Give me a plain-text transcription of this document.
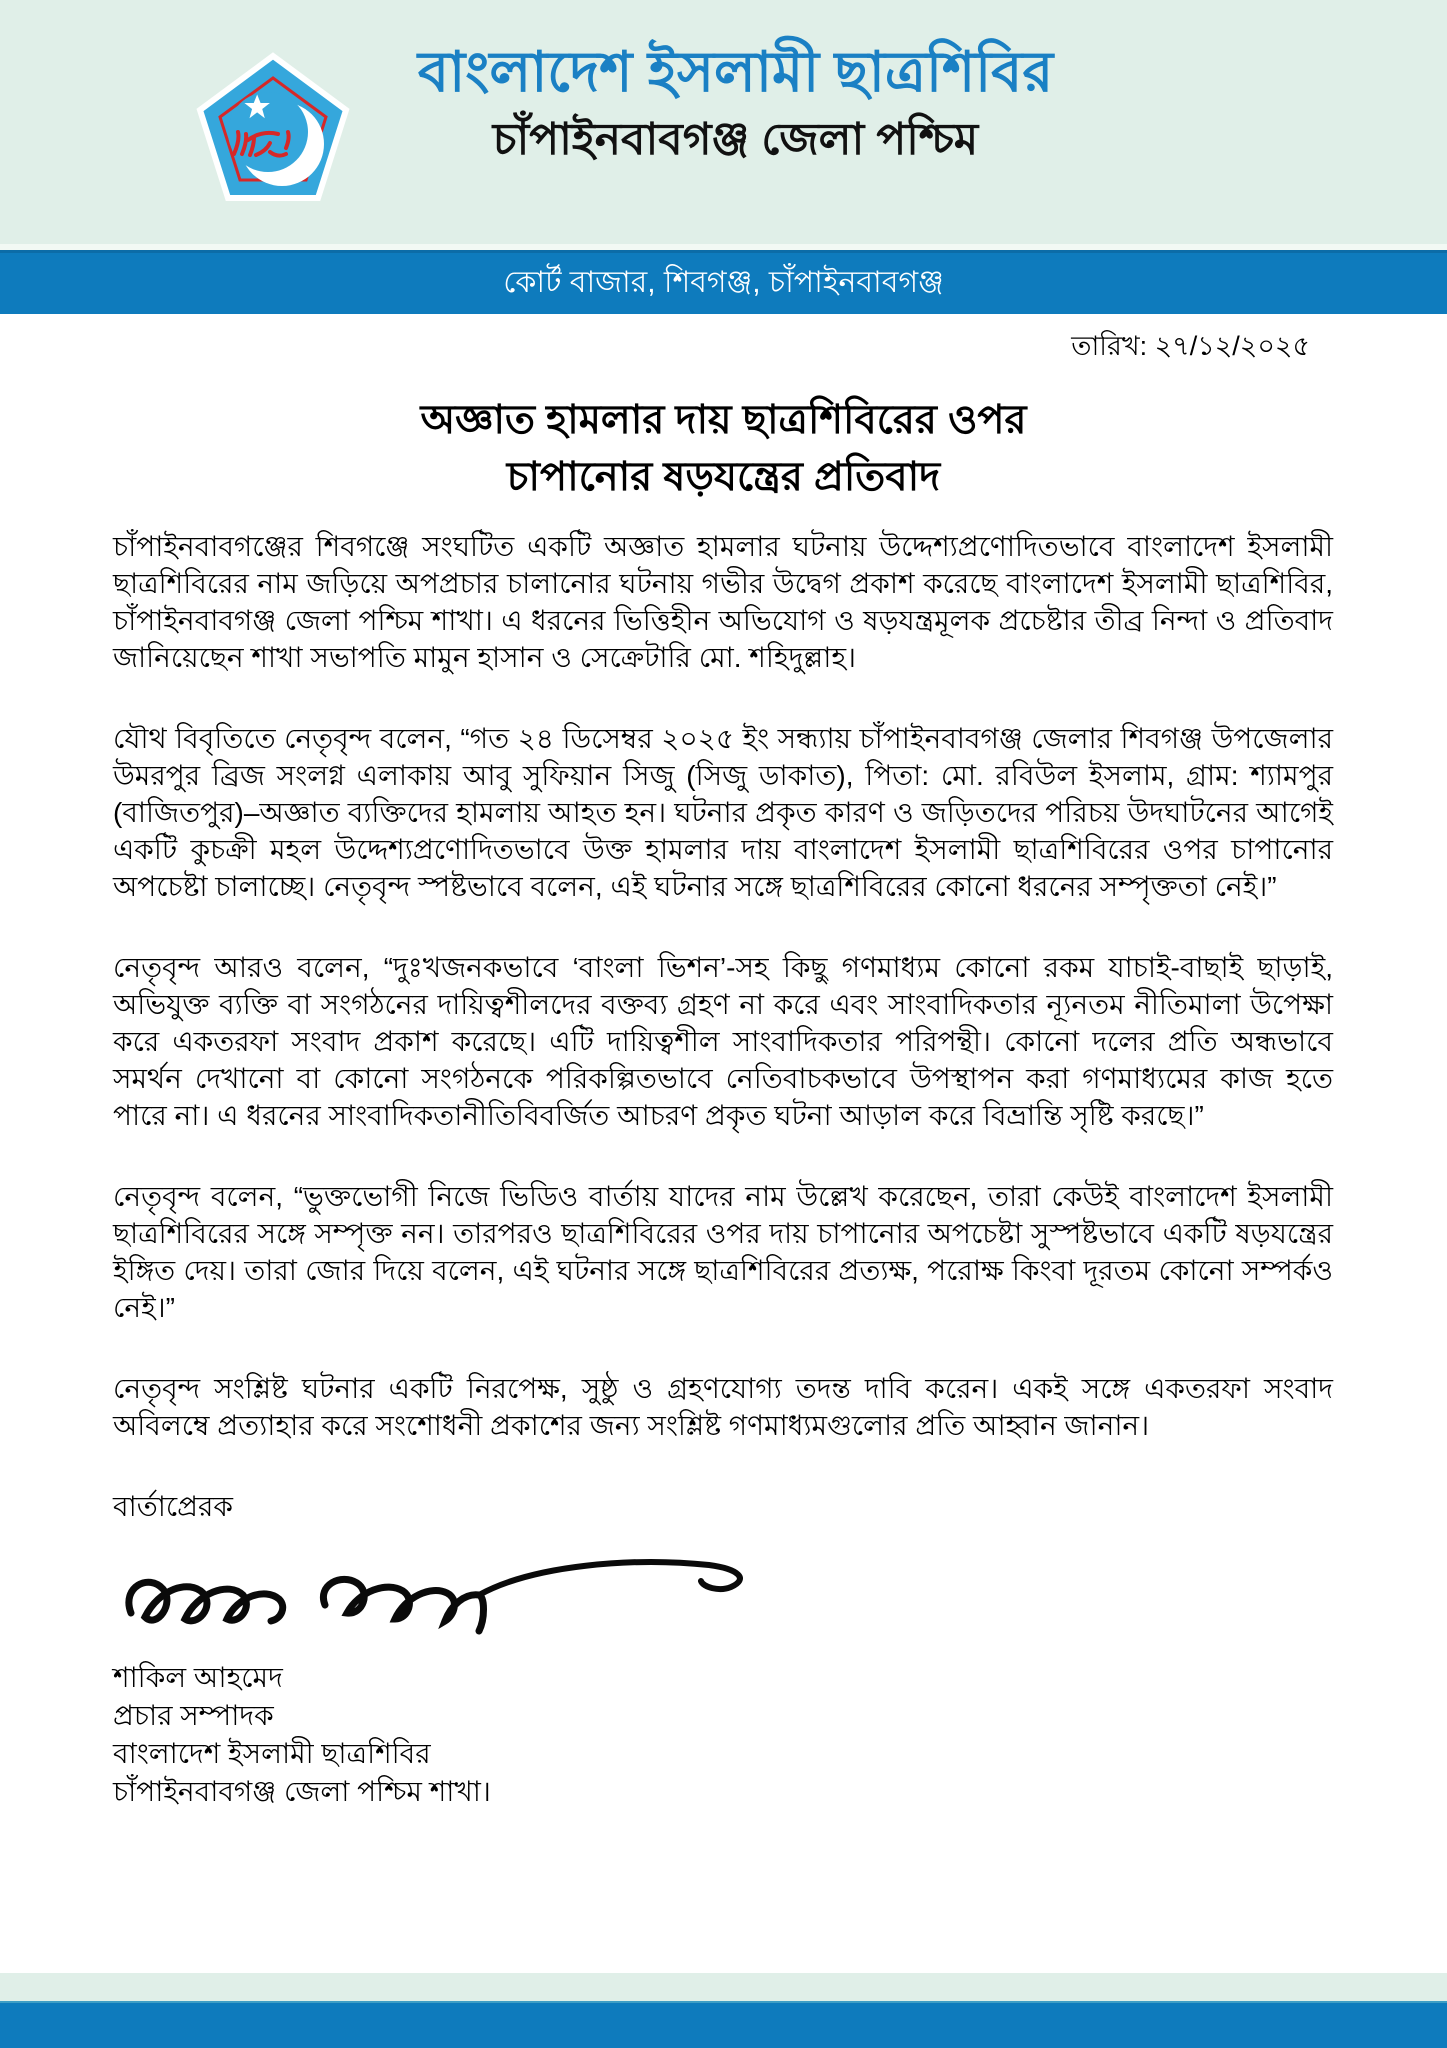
বাংলাদেশ ইসলামী ছাত্রশিবির
চাঁপাইনবাবগঞ্জ জেলা পশ্চিম
কোর্ট বাজার, শিবগঞ্জ, চাঁপাইনবাবগঞ্জ
তারিখ: ২৭/১২/২০২৫
অজ্ঞাত হামলার দায় ছাত্রশিবিরের ওপর
চাপানোর ষড়যন্ত্রের প্রতিবাদ

চাঁপাইনবাবগঞ্জের শিবগঞ্জে সংঘটিত একটি অজ্ঞাত হামলার ঘটনায় উদ্দেশ্যপ্রণোদিতভাবে বাংলাদেশ ইসলামী ছাত্রশিবিরের নাম জড়িয়ে অপপ্রচার চালানোর ঘটনায় গভীর উদ্বেগ প্রকাশ করেছে বাংলাদেশ ইসলামী ছাত্রশিবির, চাঁপাইনবাবগঞ্জ জেলা পশ্চিম শাখা। এ ধরনের ভিত্তিহীন অভিযোগ ও ষড়যন্ত্রমূলক প্রচেষ্টার তীব্র নিন্দা ও প্রতিবাদ জানিয়েছেন শাখা সভাপতি মামুন হাসান ও সেক্রেটারি মো. শহিদুল্লাহ।

যৌথ বিবৃতিতে নেতৃবৃন্দ বলেন, “গত ২৪ ডিসেম্বর ২০২৫ ইং সন্ধ্যায় চাঁপাইনবাবগঞ্জ জেলার শিবগঞ্জ উপজেলার উমরপুর ব্রিজ সংলগ্ন এলাকায় আবু সুফিয়ান সিজু (সিজু ডাকাত), পিতা: মো. রবিউল ইসলাম, গ্রাম: শ্যামপুর (বাজিতপুর)–অজ্ঞাত ব্যক্তিদের হামলায় আহত হন। ঘটনার প্রকৃত কারণ ও জড়িতদের পরিচয় উদঘাটনের আগেই একটি কুচক্রী মহল উদ্দেশ্যপ্রণোদিতভাবে উক্ত হামলার দায় বাংলাদেশ ইসলামী ছাত্রশিবিরের ওপর চাপানোর অপচেষ্টা চালাচ্ছে। নেতৃবৃন্দ স্পষ্টভাবে বলেন, এই ঘটনার সঙ্গে ছাত্রশিবিরের কোনো ধরনের সম্পৃক্ততা নেই।”

নেতৃবৃন্দ আরও বলেন, “দুঃখজনকভাবে ‘বাংলা ভিশন’-সহ কিছু গণমাধ্যম কোনো রকম যাচাই-বাছাই ছাড়াই, অভিযুক্ত ব্যক্তি বা সংগঠনের দায়িত্বশীলদের বক্তব্য গ্রহণ না করে এবং সাংবাদিকতার ন্যূনতম নীতিমালা উপেক্ষা করে একতরফা সংবাদ প্রকাশ করেছে। এটি দায়িত্বশীল সাংবাদিকতার পরিপন্থী। কোনো দলের প্রতি অন্ধভাবে সমর্থন দেখানো বা কোনো সংগঠনকে পরিকল্পিতভাবে নেতিবাচকভাবে উপস্থাপন করা গণমাধ্যমের কাজ হতে পারে না। এ ধরনের সাংবাদিকতানীতিবিবর্জিত আচরণ প্রকৃত ঘটনা আড়াল করে বিভ্রান্তি সৃষ্টি করছে।”

নেতৃবৃন্দ বলেন, “ভুক্তভোগী নিজে ভিডিও বার্তায় যাদের নাম উল্লেখ করেছেন, তারা কেউই বাংলাদেশ ইসলামী ছাত্রশিবিরের সঙ্গে সম্পৃক্ত নন। তারপরও ছাত্রশিবিরের ওপর দায় চাপানোর অপচেষ্টা সুস্পষ্টভাবে একটি ষড়যন্ত্রের ইঙ্গিত দেয়। তারা জোর দিয়ে বলেন, এই ঘটনার সঙ্গে ছাত্রশিবিরের প্রত্যক্ষ, পরোক্ষ কিংবা দূরতম কোনো সম্পর্কও নেই।”

নেতৃবৃন্দ সংশ্লিষ্ট ঘটনার একটি নিরপেক্ষ, সুষ্ঠু ও গ্রহণযোগ্য তদন্ত দাবি করেন। একই সঙ্গে একতরফা সংবাদ অবিলম্বে প্রত্যাহার করে সংশোধনী প্রকাশের জন্য সংশ্লিষ্ট গণমাধ্যমগুলোর প্রতি আহ্বান জানান।

বার্তাপ্রেরক
শাকিল আহমেদ
প্রচার সম্পাদক
বাংলাদেশ ইসলামী ছাত্রশিবির
চাঁপাইনবাবগঞ্জ জেলা পশ্চিম শাখা।
